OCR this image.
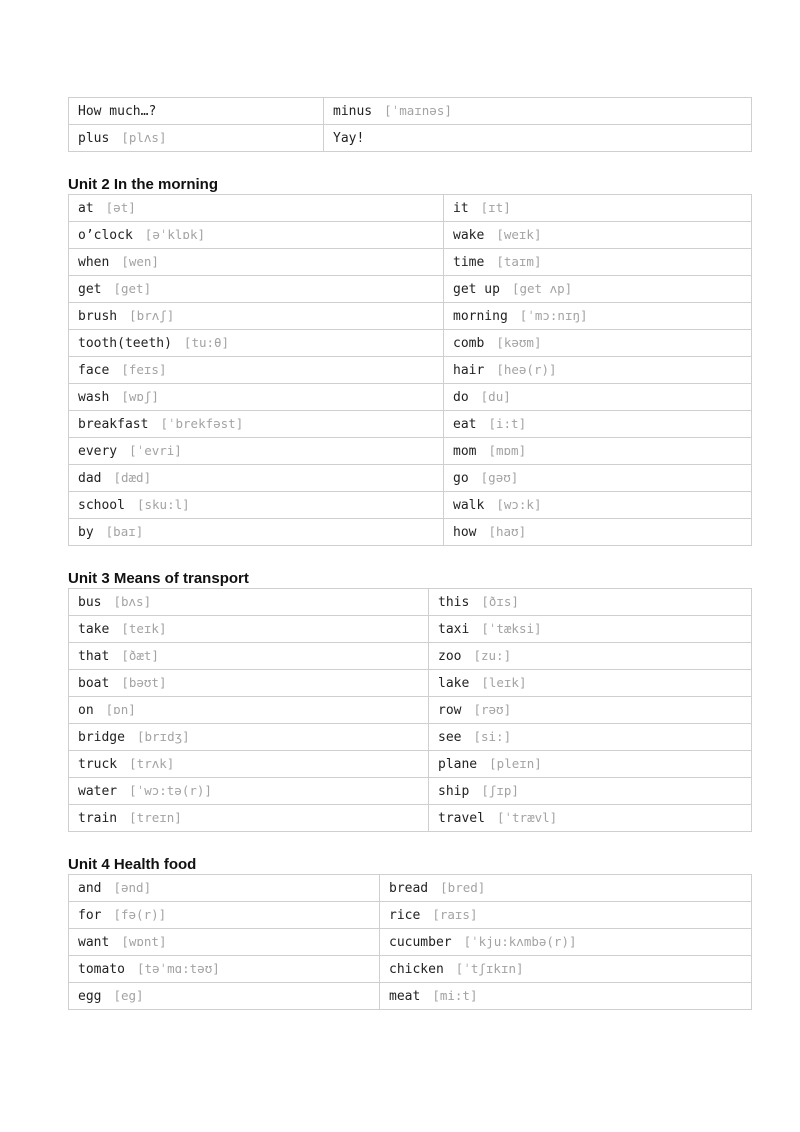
How much…?	minus [ˈmaɪnəs]
plus [plʌs]	Yay!
Unit 2 In the morning
at [ət]	it [ɪt]
o’clock [əˈklɒk]	wake [weɪk]
when [wen]	time [taɪm]
get [get]	get up [get ʌp]
brush [brʌʃ]	morning [ˈmɔ:nɪŋ]
tooth(teeth) [tu:θ]	comb [kəʊm]
face [feɪs]	hair [heə(r)]
wash [wɒʃ]	do [du]
breakfast [ˈbrekfəst]	eat [i:t]
every [ˈevri]	mom [mɒm]
dad [dæd]	go [gəʊ]
school [sku:l]	walk [wɔ:k]
by [baɪ]	how [haʊ]
Unit 3 Means of transport
bus [bʌs]	this [ðɪs]
take [teɪk]	taxi [ˈtæksi]
that [ðæt]	zoo [zu:]
boat [bəʊt]	lake [leɪk]
on [ɒn]	row [rəʊ]
bridge [brɪdʒ]	see [si:]
truck [trʌk]	plane [pleɪn]
water [ˈwɔ:tə(r)]	ship [ʃɪp]
train [treɪn]	travel [ˈtrævl]
Unit 4 Health food
and [ənd]	bread [bred]
for [fə(r)]	rice [raɪs]
want [wɒnt]	cucumber [ˈkju:kʌmbə(r)]
tomato [təˈmɑ:təʊ]	chicken [ˈtʃɪkɪn]
egg [eg]	meat [mi:t]
